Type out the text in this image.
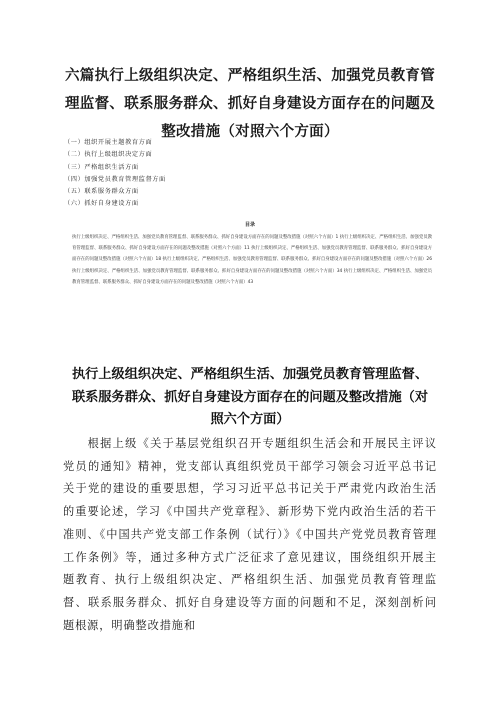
六篇执行上级组织决定、严格组织生活、加强党员教育管理监督、联系服务群众、抓好自身建设方面存在的问题及整改措施（对照六个方面）
（一）组织开展主题教育方面
（二）执行上级组织决定方面
（三）严格组织生活方面
（四）加强党员教育管理监督方面
（五）联系服务群众方面
（六）抓好自身建设方面
目录
执行上级组织决定、严格组织生活、加强党员教育管理监督、联系服务群众、抓好自身建设方面存在的问题及整改措施（对照六个方面）1 执行上级组织决定、严格组织生活、加强党员教育管理监督、联系服务群众、抓好自身建设方面存在的问题及整改措施（对照六个方面）11 执行上级组织决定、严格组织生活、加强党员教育管理监督、联系服务群众、抓好自身建设方面存在的问题及整改措施（对照六个方面）18 执行上级组织决定、严格组织生活、加强党员教育管理监督、联系服务群众、抓好自身建设方面存在的问题及整改措施（对照六个方面）26 执行上级组织决定、严格组织生活、加强党员教育管理监督、联系服务群众、抓好自身建设方面存在的问题及整改措施（对照六个方面）34 执行上级组织决定、严格组织生活、加强党员教育管理监督、联系服务群众、抓好自身建设方面存在的问题及整改措施（对照六个方面）43
执行上级组织决定、严格组织生活、加强党员教育管理监督、联系服务群众、抓好自身建设方面存在的问题及整改措施（对照六个方面）

根据上级《关于基层党组织召开专题组织生活会和开展民主评议党员的通知》精神，党支部认真组织党员干部学习领会习近平总书记关于党的建设的重要思想，学习习近平总书记关于严肃党内政治生活的重要论述，学习《中国共产党章程》、新形势下党内政治生活的若干准则、《中国共产党支部工作条例（试行）》《中国共产党党员教育管理工作条例》等，通过多种方式广泛征求了意见建议，围绕组织开展主题教育、执行上级组织决定、严格组织生活、加强党员教育管理监督、联系服务群众、抓好自身建设等方面的问题和不足，深刻剖析问题根源，明确整改措施和
